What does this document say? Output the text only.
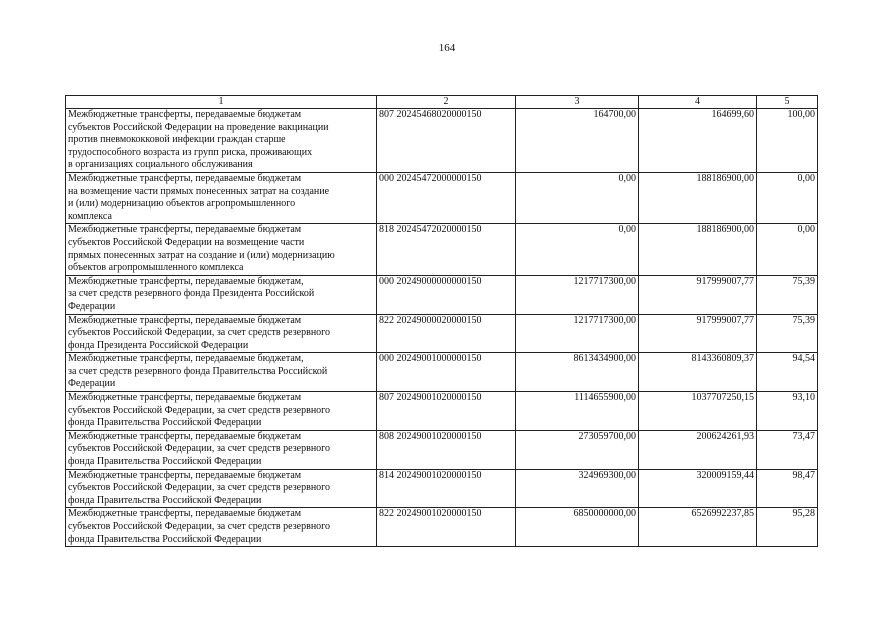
164
1	2	3	4	5

Межбюджетные трансферты, передаваемые бюджетам
субъектов Российской Федерации на проведение вакцинации
против пневмококковой инфекции граждан старше
трудоспособного возраста из групп риска, проживающих
в организациях социального обслуживания	807 20245468020000150	164700,00	164699,60	100,00

Межбюджетные трансферты, передаваемые бюджетам
на возмещение части прямых понесенных затрат на создание
и (или) модернизацию объектов агропромышленного
комплекса	000 20245472000000150	0,00	188186900,00	0,00

Межбюджетные трансферты, передаваемые бюджетам
субъектов Российской Федерации на возмещение части
прямых понесенных затрат на создание и (или) модернизацию
объектов агропромышленного комплекса	818 20245472020000150	0,00	188186900,00	0,00

Межбюджетные трансферты, передаваемые бюджетам,
за счет средств резервного фонда Президента Российской
Федерации	000 20249000000000150	1217717300,00	917999007,77	75,39

Межбюджетные трансферты, передаваемые бюджетам
субъектов Российской Федерации, за счет средств резервного
фонда Президента Российской Федерации	822 20249000020000150	1217717300,00	917999007,77	75,39

Межбюджетные трансферты, передаваемые бюджетам,
за счет средств резервного фонда Правительства Российской
Федерации	000 20249001000000150	8613434900,00	8143360809,37	94,54

Межбюджетные трансферты, передаваемые бюджетам
субъектов Российской Федерации, за счет средств резервного
фонда Правительства Российской Федерации	807 20249001020000150	1114655900,00	1037707250,15	93,10

Межбюджетные трансферты, передаваемые бюджетам
субъектов Российской Федерации, за счет средств резервного
фонда Правительства Российской Федерации	808 20249001020000150	273059700,00	200624261,93	73,47

Межбюджетные трансферты, передаваемые бюджетам
субъектов Российской Федерации, за счет средств резервного
фонда Правительства Российской Федерации	814 20249001020000150	324969300,00	320009159,44	98,47

Межбюджетные трансферты, передаваемые бюджетам
субъектов Российской Федерации, за счет средств резервного
фонда Правительства Российской Федерации	822 20249001020000150	6850000000,00	6526992237,85	95,28
